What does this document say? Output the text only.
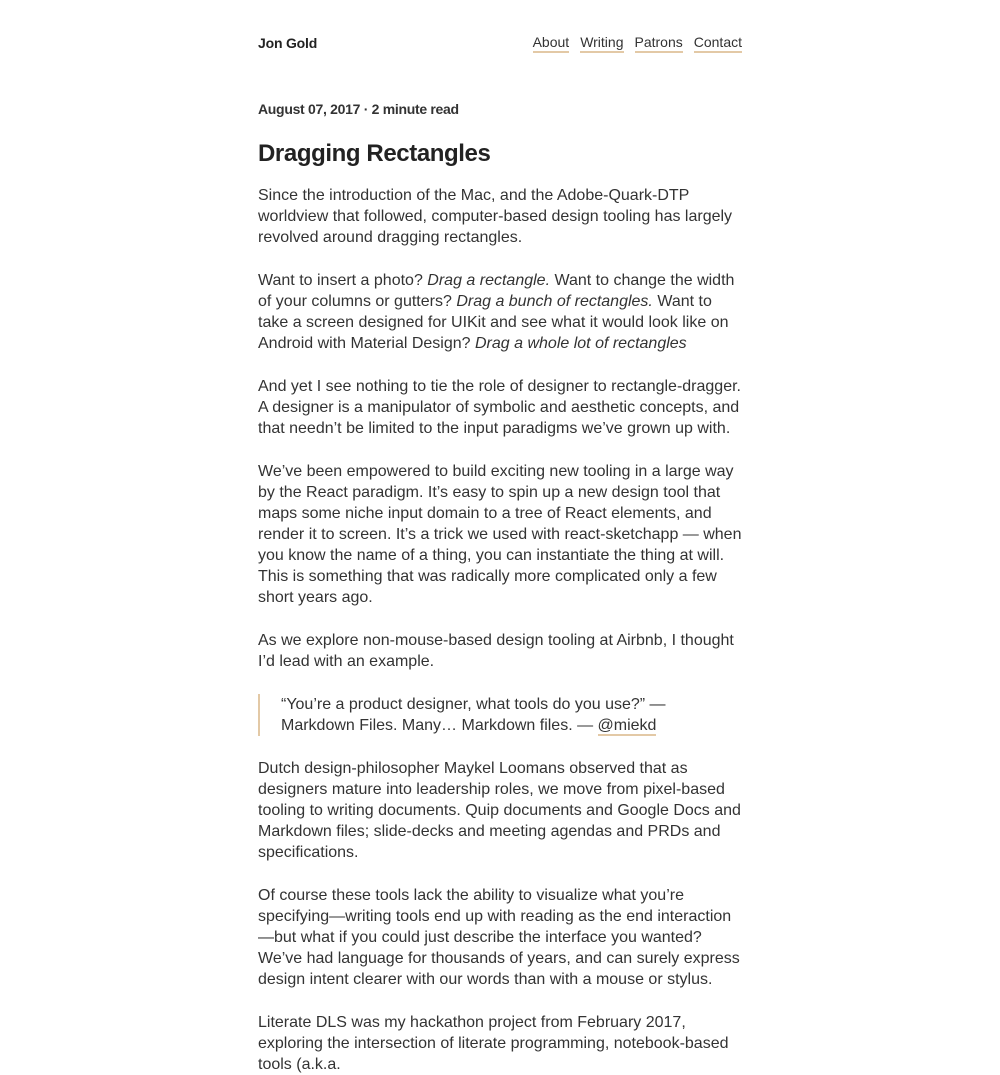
Jon Gold	About Writing Patrons Contact
August 07, 2017 · 2 minute read
Dragging Rectangles

Since the introduction of the Mac, and the Adobe-Quark-DTP worldview that followed, computer-based design tooling has largely revolved around dragging rectangles.

Want to insert a photo? Drag a rectangle. Want to change the width of your columns or gutters? Drag a bunch of rectangles. Want to take a screen designed for UIKit and see what it would look like on Android with Material Design? Drag a whole lot of rectangles

And yet I see nothing to tie the role of designer to rectangle-dragger. A designer is a manipulator of symbolic and aesthetic concepts, and that needn’t be limited to the input paradigms we’ve grown up with.

We’ve been empowered to build exciting new tooling in a large way by the React paradigm. It’s easy to spin up a new design tool that maps some niche input domain to a tree of React elements, and render it to screen. It’s a trick we used with react-sketchapp — when you know the name of a thing, you can instantiate the thing at will. This is something that was radically more complicated only a few short years ago.

As we explore non-mouse-based design tooling at Airbnb, I thought I’d lead with an example.

“You’re a product designer, what tools do you use?” — Markdown Files. Many… Markdown files. — @miekd

Dutch design-philosopher Maykel Loomans observed that as designers mature into leadership roles, we move from pixel-based tooling to writing documents. Quip documents and Google Docs and Markdown files; slide-decks and meeting agendas and PRDs and specifications.

Of course these tools lack the ability to visualize what you’re specifying—writing tools end up with reading as the end interaction—but what if you could just describe the interface you wanted? We’ve had language for thousands of years, and can surely express design intent clearer with our words than with a mouse or stylus.

Literate DLS was my hackathon project from February 2017, exploring the intersection of literate programming, notebook-based tools (a.k.a.
